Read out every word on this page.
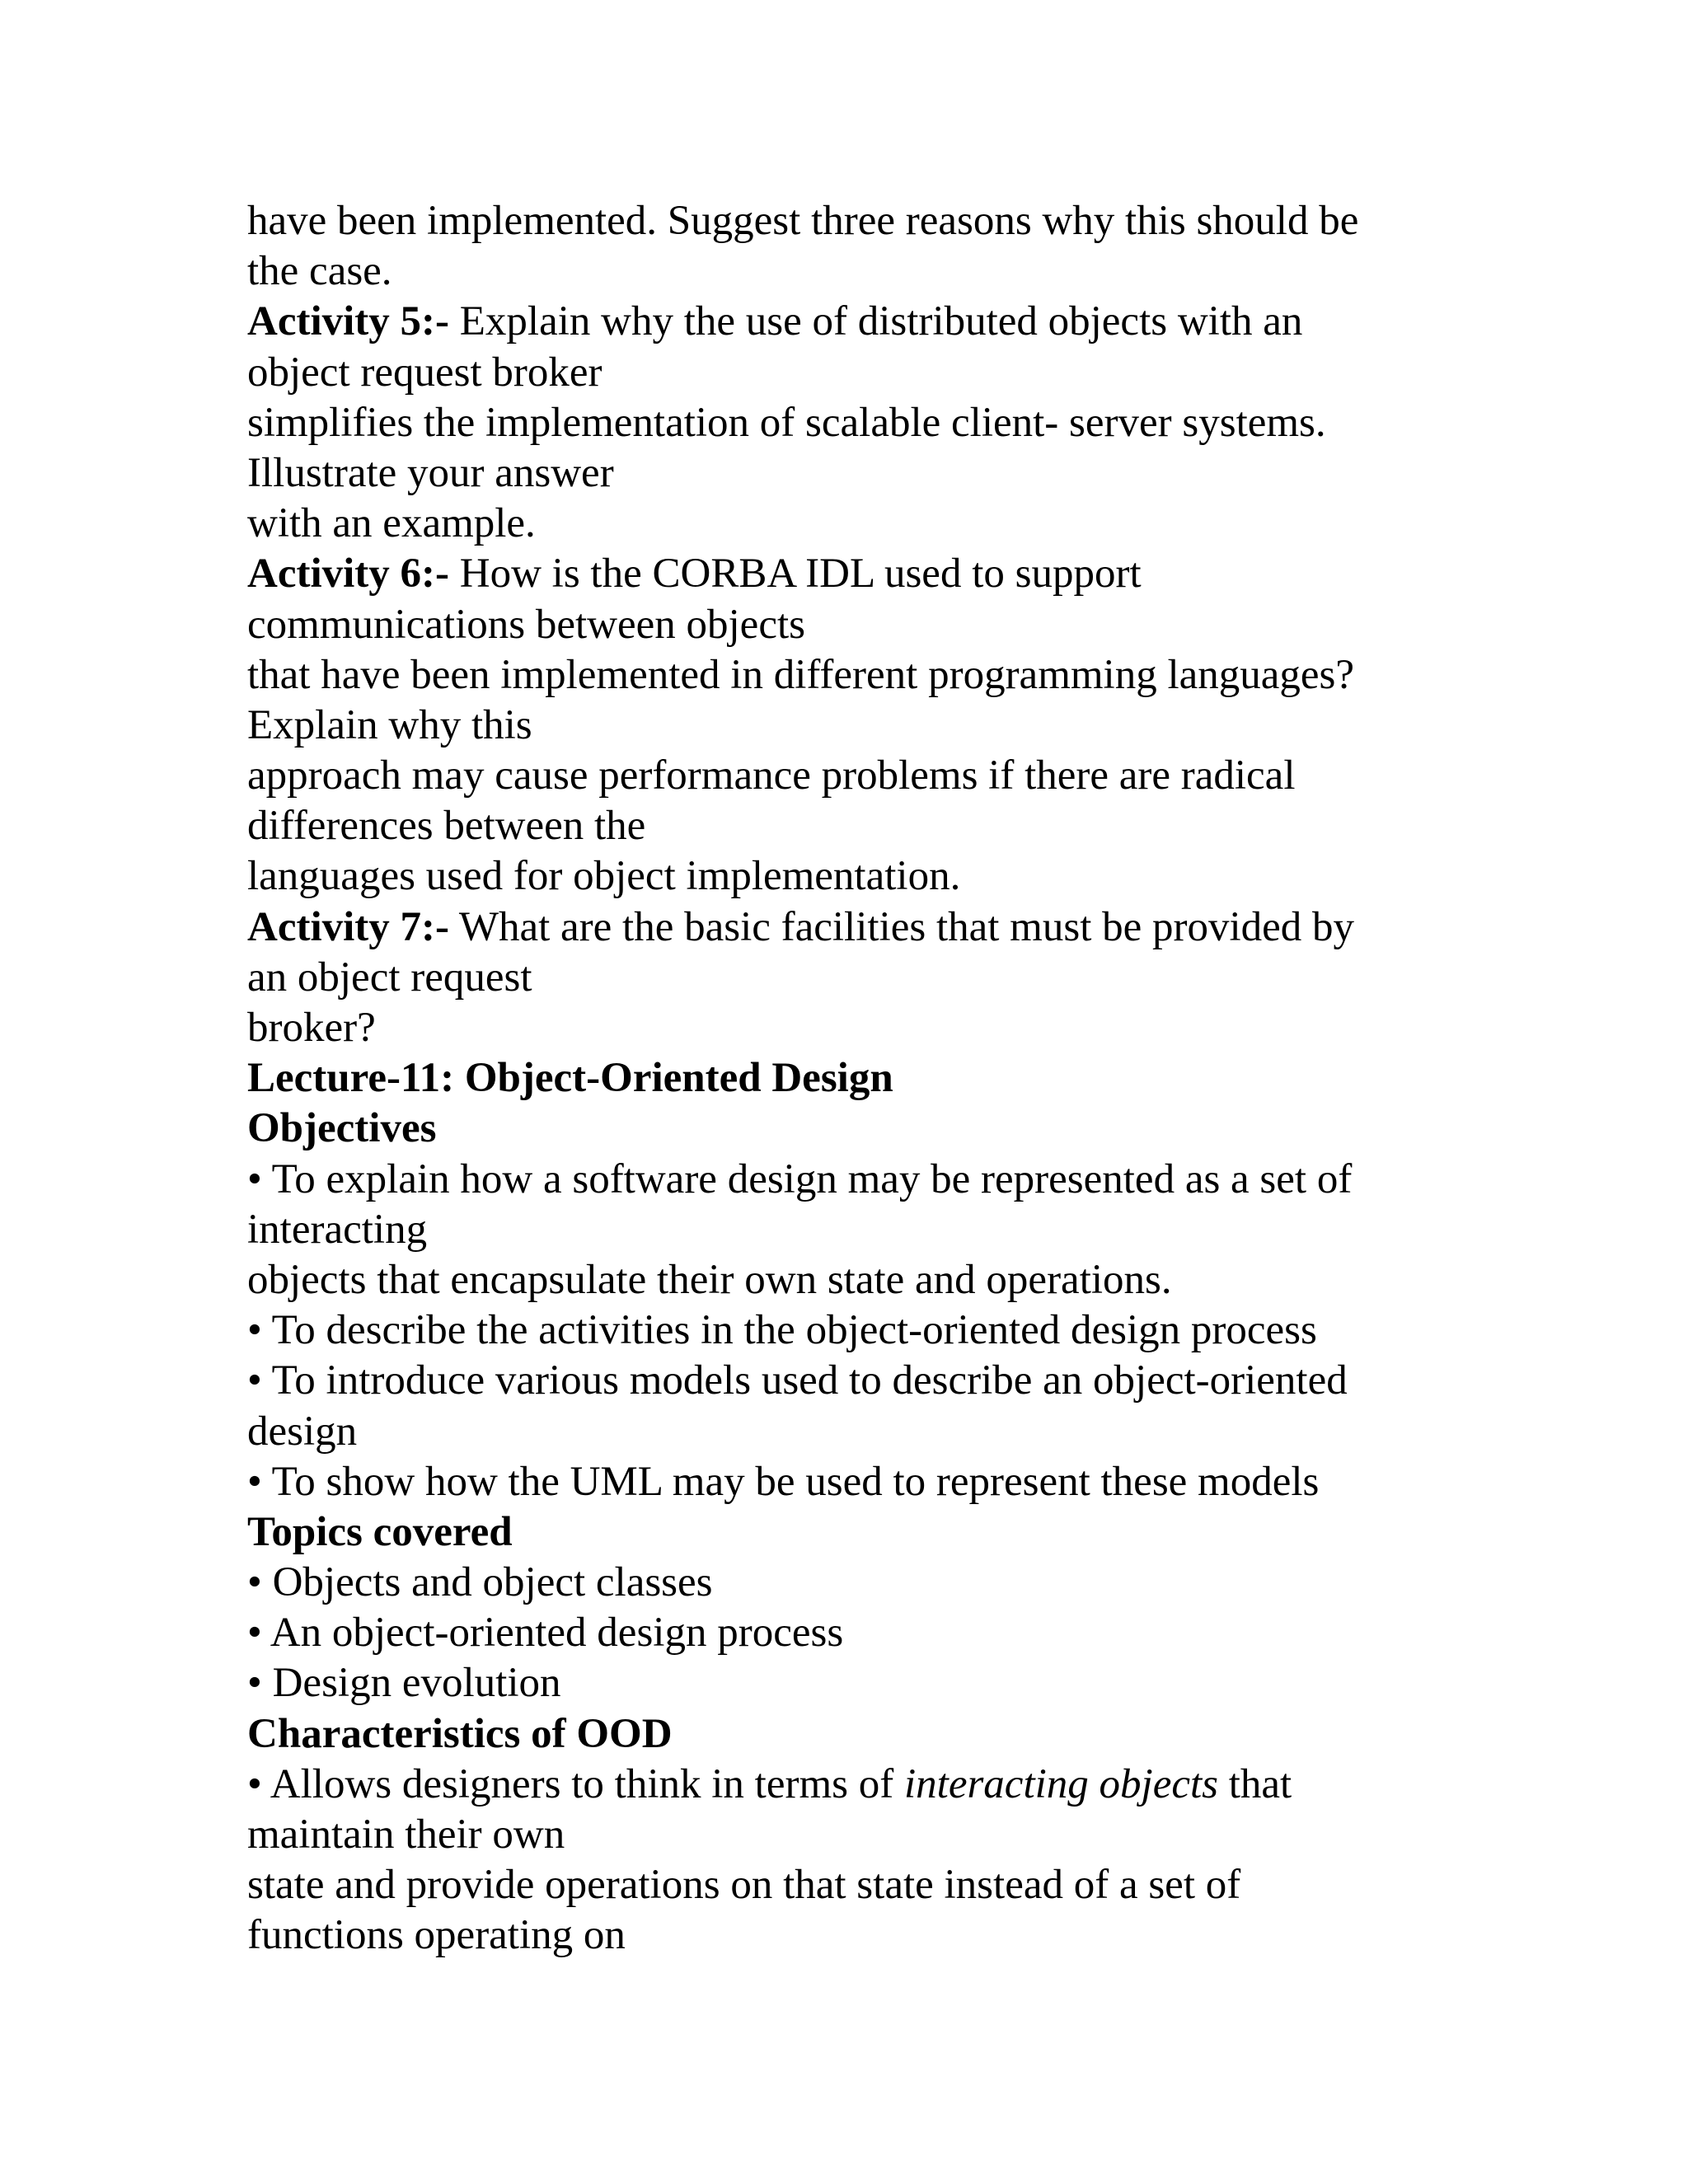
have been implemented. Suggest three reasons why this should be
the case.
Activity 5:- Explain why the use of distributed objects with an
object request broker
simplifies the implementation of scalable client- server systems.
Illustrate your answer
with an example.
Activity 6:- How is the CORBA IDL used to support
communications between objects
that have been implemented in different programming languages?
Explain why this
approach may cause performance problems if there are radical
differences between the
languages used for object implementation.
Activity 7:- What are the basic facilities that must be provided by
an object request
broker?
Lecture-11: Object-Oriented Design
Objectives
• To explain how a software design may be represented as a set of
interacting
objects that encapsulate their own state and operations.
• To describe the activities in the object-oriented design process
• To introduce various models used to describe an object-oriented
design
• To show how the UML may be used to represent these models
Topics covered
• Objects and object classes
• An object-oriented design process
• Design evolution
Characteristics of OOD
• Allows designers to think in terms of interacting objects that
maintain their own
state and provide operations on that state instead of a set of
functions operating on
